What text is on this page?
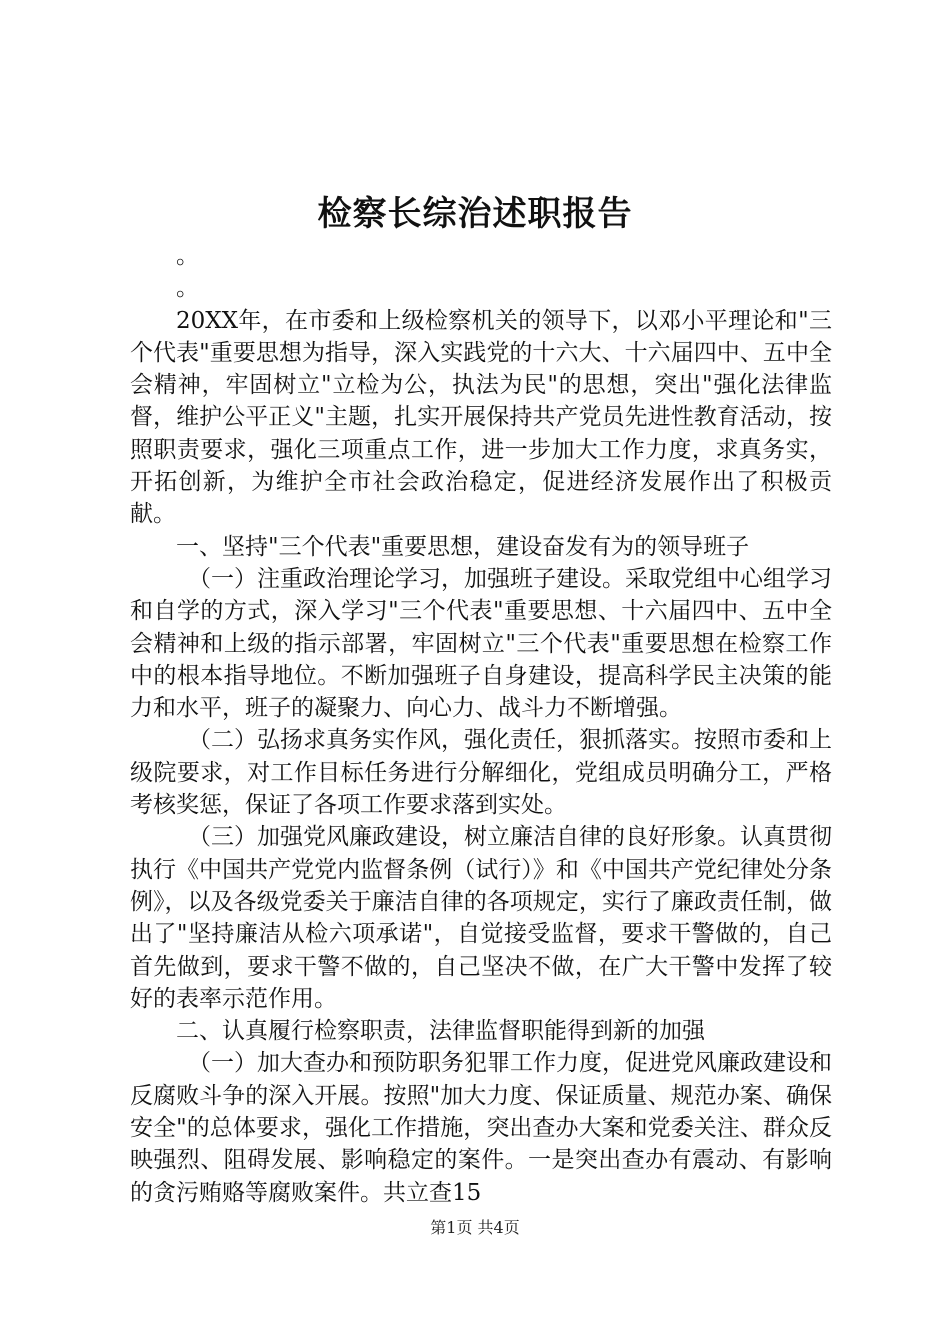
检察长综治述职报告

。

。

20XX年，在市委和上级检察机关的领导下，以邓小平理论和"三个代表"重要思想为指导，深入实践党的十六大、十六届四中、五中全会精神，牢固树立"立检为公，执法为民"的思想，突出"强化法律监督，维护公平正义"主题，扎实开展保持共产党员先进性教育活动，按照职责要求，强化三项重点工作，进一步加大工作力度，求真务实，开拓创新，为维护全市社会政治稳定，促进经济发展作出了积极贡献。

一、坚持"三个代表"重要思想，建设奋发有为的领导班子

（一）注重政治理论学习，加强班子建设。采取党组中心组学习和自学的方式，深入学习"三个代表"重要思想、十六届四中、五中全会精神和上级的指示部署，牢固树立"三个代表"重要思想在检察工作中的根本指导地位。不断加强班子自身建设，提高科学民主决策的能力和水平，班子的凝聚力、向心力、战斗力不断增强。

（二）弘扬求真务实作风，强化责任，狠抓落实。按照市委和上级院要求，对工作目标任务进行分解细化，党组成员明确分工，严格考核奖惩，保证了各项工作要求落到实处。

（三）加强党风廉政建设，树立廉洁自律的良好形象。认真贯彻执行《中国共产党党内监督条例（试行）》和《中国共产党纪律处分条例》，以及各级党委关于廉洁自律的各项规定，实行了廉政责任制，做出了"坚持廉洁从检六项承诺"，自觉接受监督，要求干警做的，自己首先做到，要求干警不做的，自己坚决不做，在广大干警中发挥了较好的表率示范作用。

二、认真履行检察职责，法律监督职能得到新的加强

（一）加大查办和预防职务犯罪工作力度，促进党风廉政建设和反腐败斗争的深入开展。按照"加大力度、保证质量、规范办案、确保安全"的总体要求，强化工作措施，突出查办大案和党委关注、群众反映强烈、阻碍发展、影响稳定的案件。一是突出查办有震动、有影响的贪污贿赂等腐败案件。共立查15

第1页 共4页
